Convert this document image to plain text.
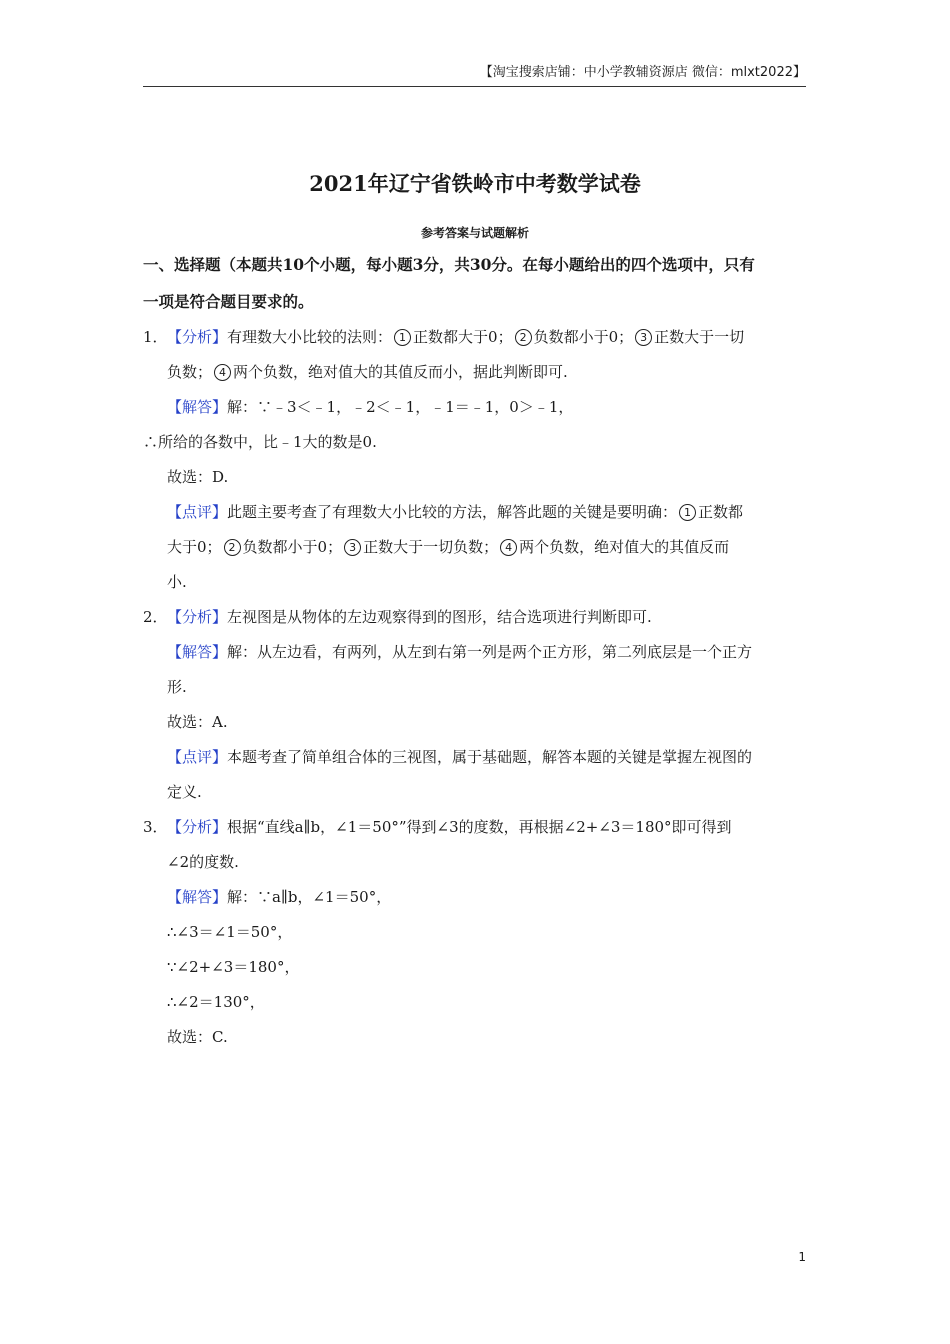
【淘宝搜索店铺：中小学教辅资源店 微信：mlxt2022】
2021年辽宁省铁岭市中考数学试卷
参考答案与试题解析

一、选择题（本题共10个小题，每小题3分，共30分。在每小题给出的四个选项中，只有

一项是符合题目要求的。

1．【分析】有理数大小比较的法则： 1 正数都大于0； 2 负数都小于0； 3 正数大于一切

负数； 4 两个负数，绝对值大的其值反而小，据此判断即可.

【解答】解：∵﹣3＜﹣1，﹣2＜﹣1，﹣1＝﹣1，0＞﹣1，

∴所给的各数中，比﹣1大的数是0.

故选：D.

【点评】此题主要考查了有理数大小比较的方法，解答此题的关键是要明确： 1 正数都

大于0； 2 负数都小于0； 3 正数大于一切负数； 4 两个负数，绝对值大的其值反而

小.

2．【分析】左视图是从物体的左边观察得到的图形，结合选项进行判断即可.

【解答】解：从左边看，有两列，从左到右第一列是两个正方形，第二列底层是一个正方

形.

故选：A.

【点评】本题考查了简单组合体的三视图，属于基础题，解答本题的关键是掌握左视图的

定义.

3．【分析】根据“直线a∥b，∠1＝50°”得到∠3的度数，再根据∠2+∠3＝180°即可得到

∠2的度数.

【解答】解：∵a∥b，∠1＝50°，

∴∠3＝∠1＝50°，

∵∠2+∠3＝180°，

∴∠2＝130°，

故选：C.

1
